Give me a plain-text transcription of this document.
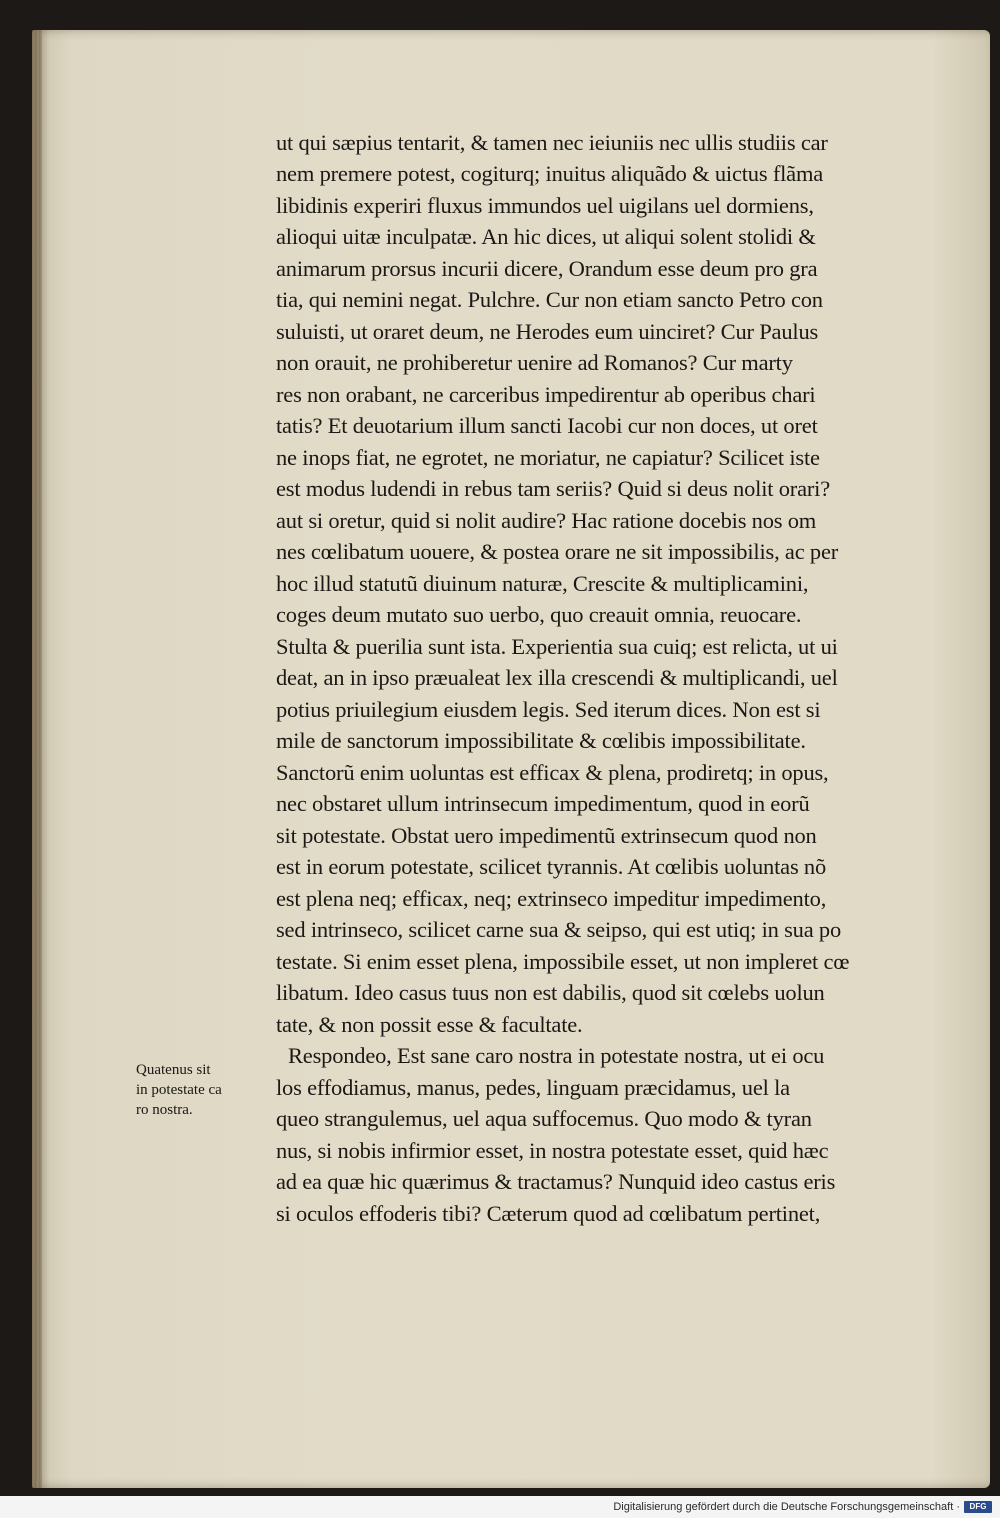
ut qui sæpius tentarit, & tamen nec ieiuniis nec ullis studiis car
nem premere potest, cogiturq; inuitus aliquãdo & uictus flãma
libidinis experiri fluxus immundos uel uigilans uel dormiens,
alioqui uitæ inculpatæ. An hic dices, ut aliqui solent stolidi &
animarum prorsus incurii dicere, Orandum esse deum pro gra
tia, qui nemini negat. Pulchre. Cur non etiam sancto Petro con
suluisti, ut oraret deum, ne Herodes eum uinciret? Cur Paulus
non orauit, ne prohiberetur uenire ad Romanos? Cur marty
res non orabant, ne carceribus impedirentur ab operibus chari
tatis? Et deuotarium illum sancti Iacobi cur non doces, ut oret
ne inops fiat, ne egrotet, ne moriatur, ne capiatur? Scilicet iste
est modus ludendi in rebus tam seriis? Quid si deus nolit orari?
aut si oretur, quid si nolit audire? Hac ratione docebis nos om
nes cœlibatum uouere, & postea orare ne sit impossibilis, ac per
hoc illud statutũ diuinum naturæ, Crescite & multiplicamini,
coges deum mutato suo uerbo, quo creauit omnia, reuocare.
Stulta & puerilia sunt ista. Experientia sua cuiq; est relicta, ut ui
deat, an in ipso præualeat lex illa crescendi & multiplicandi, uel
potius priuilegium eiusdem legis. Sed iterum dices. Non est si
mile de sanctorum impossibilitate & cœlibis impossibilitate.
Sanctorũ enim uoluntas est efficax & plena, prodiretq; in opus,
nec obstaret ullum intrinsecum impedimentum, quod in eorũ
sit potestate. Obstat uero impedimentũ extrinsecum quod non
est in eorum potestate, scilicet tyrannis. At cœlibis uoluntas nõ
est plena neq; efficax, neq; extrinseco impeditur impedimento,
sed intrinseco, scilicet carne sua & seipso, qui est utiq; in sua po
testate. Si enim esset plena, impossibile esset, ut non impleret cœ
libatum. Ideo casus tuus non est dabilis, quod sit cœlebs uolun
tate, & non possit esse & facultate.
Respondeo, Est sane caro nostra in potestate nostra, ut ei ocu
los effodiamus, manus, pedes, linguam præcidamus, uel la
queo strangulemus, uel aqua suffocemus. Quo modo & tyran
nus, si nobis infirmior esset, in nostra potestate esset, quid hæc
ad ea quæ hic quærimus & tractamus? Nunquid ideo castus eris
si oculos effoderis tibi? Cæterum quod ad cœlibatum pertinet,
Quatenus sit
in potestate ca
ro nostra.
Digitalisierung gefördert durch die Deutsche Forschungsgemeinschaft ·	DFG
